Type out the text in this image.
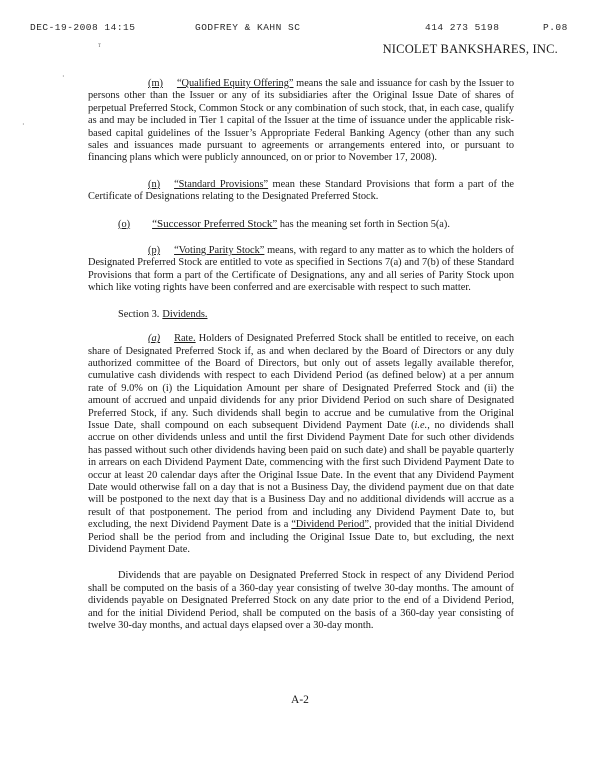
DEC-19-2008 14:15	GODFREY & KAHN SC	414 273 5198	P.08
ᵀ
·
·
NICOLET BANKSHARES, INC.

(m) “Qualified Equity Offering” means the sale and issuance for cash by the Issuer to persons other than the Issuer or any of its subsidiaries after the Original Issue Date of shares of perpetual Preferred Stock, Common Stock or any combination of such stock, that, in each case, qualify as and may be included in Tier 1 capital of the Issuer at the time of issuance under the applicable risk-based capital guidelines of the Issuer’s Appropriate Federal Banking Agency (other than any such sales and issuances made pursuant to agreements or arrangements entered into, or pursuant to financing plans which were publicly announced, on or prior to November 17, 2008).

(n) “Standard Provisions” mean these Standard Provisions that form a part of the Certificate of Designations relating to the Designated Preferred Stock.

(o) “Successor Preferred Stock” has the meaning set forth in Section 5(a).

(p) “Voting Parity Stock” means, with regard to any matter as to which the holders of Designated Preferred Stock are entitled to vote as specified in Sections 7(a) and 7(b) of these Standard Provisions that form a part of the Certificate of Designations, any and all series of Parity Stock upon which like voting rights have been conferred and are exercisable with respect to such matter.

Section 3. Dividends.

(a) Rate. Holders of Designated Preferred Stock shall be entitled to receive, on each share of Designated Preferred Stock if, as and when declared by the Board of Directors or any duly authorized committee of the Board of Directors, but only out of assets legally available therefor, cumulative cash dividends with respect to each Dividend Period (as defined below) at a per annum rate of 9.0% on (i) the Liquidation Amount per share of Designated Preferred Stock and (ii) the amount of accrued and unpaid dividends for any prior Dividend Period on such share of Designated Preferred Stock, if any. Such dividends shall begin to accrue and be cumulative from the Original Issue Date, shall compound on each subsequent Dividend Payment Date (i.e., no dividends shall accrue on other dividends unless and until the first Dividend Payment Date for such other dividends has passed without such other dividends having been paid on such date) and shall be payable quarterly in arrears on each Dividend Payment Date, commencing with the first such Dividend Payment Date to occur at least 20 calendar days after the Original Issue Date. In the event that any Dividend Payment Date would otherwise fall on a day that is not a Business Day, the dividend payment due on that date will be postponed to the next day that is a Business Day and no additional dividends will accrue as a result of that postponement. The period from and including any Dividend Payment Date to, but excluding, the next Dividend Payment Date is a “Dividend Period”, provided that the initial Dividend Period shall be the period from and including the Original Issue Date to, but excluding, the next Dividend Payment Date.

Dividends that are payable on Designated Preferred Stock in respect of any Dividend Period shall be computed on the basis of a 360-day year consisting of twelve 30-day months. The amount of dividends payable on Designated Preferred Stock on any date prior to the end of a Dividend Period, and for the initial Dividend Period, shall be computed on the basis of a 360-day year consisting of twelve 30-day months, and actual days elapsed over a 30-day month.

A-2
